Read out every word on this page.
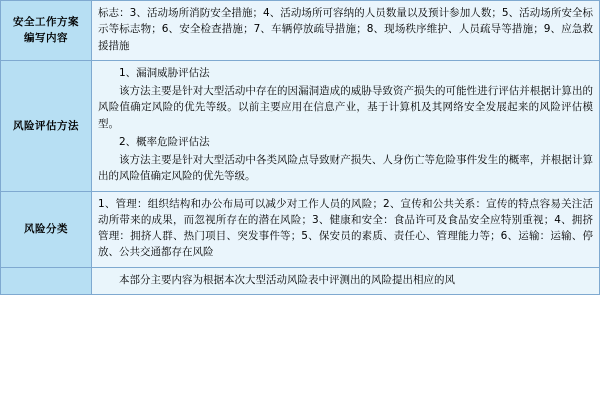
安全工作方案
编写内容	标志：3、活动场所消防安全措施；4、活动场所可容纳的人员数量以及预计参加人数；5、活动场所安全标示等标志物；6、安全检查措施；7、车辆停放疏导措施；8、现场秩序维护、人员疏导等措施；9、应急救援措施

风险评估方法	1、漏洞威胁评估法

该方法主要是针对大型活动中存在的因漏洞造成的威胁导致资产损失的可能性进行评估并根据计算出的风险值确定风险的优先等级。以前主要应用在信息产业，基于计算机及其网络安全发展起来的风险评估模型。

2、概率危险评估法

该方法主要是针对大型活动中各类风险点导致财产损失、人身伤亡等危险事件发生的概率，并根据计算出的风险值确定风险的优先等级。

风险分类	1、管理：组织结构和办公布局可以减少对工作人员的风险；2、宣传和公共关系：宣传的特点容易关注活动所带来的成果，而忽视所存在的潜在风险；3、健康和安全：食品许可及食品安全应特别重视；4、拥挤管理：拥挤人群、热门项目、突发事件等；5、保安员的素质、责任心、管理能力等；6、运输：运输、停放、公共交通都存在风险

	本部分主要内容为根据本次大型活动风险表中评测出的风险提出相应的风
